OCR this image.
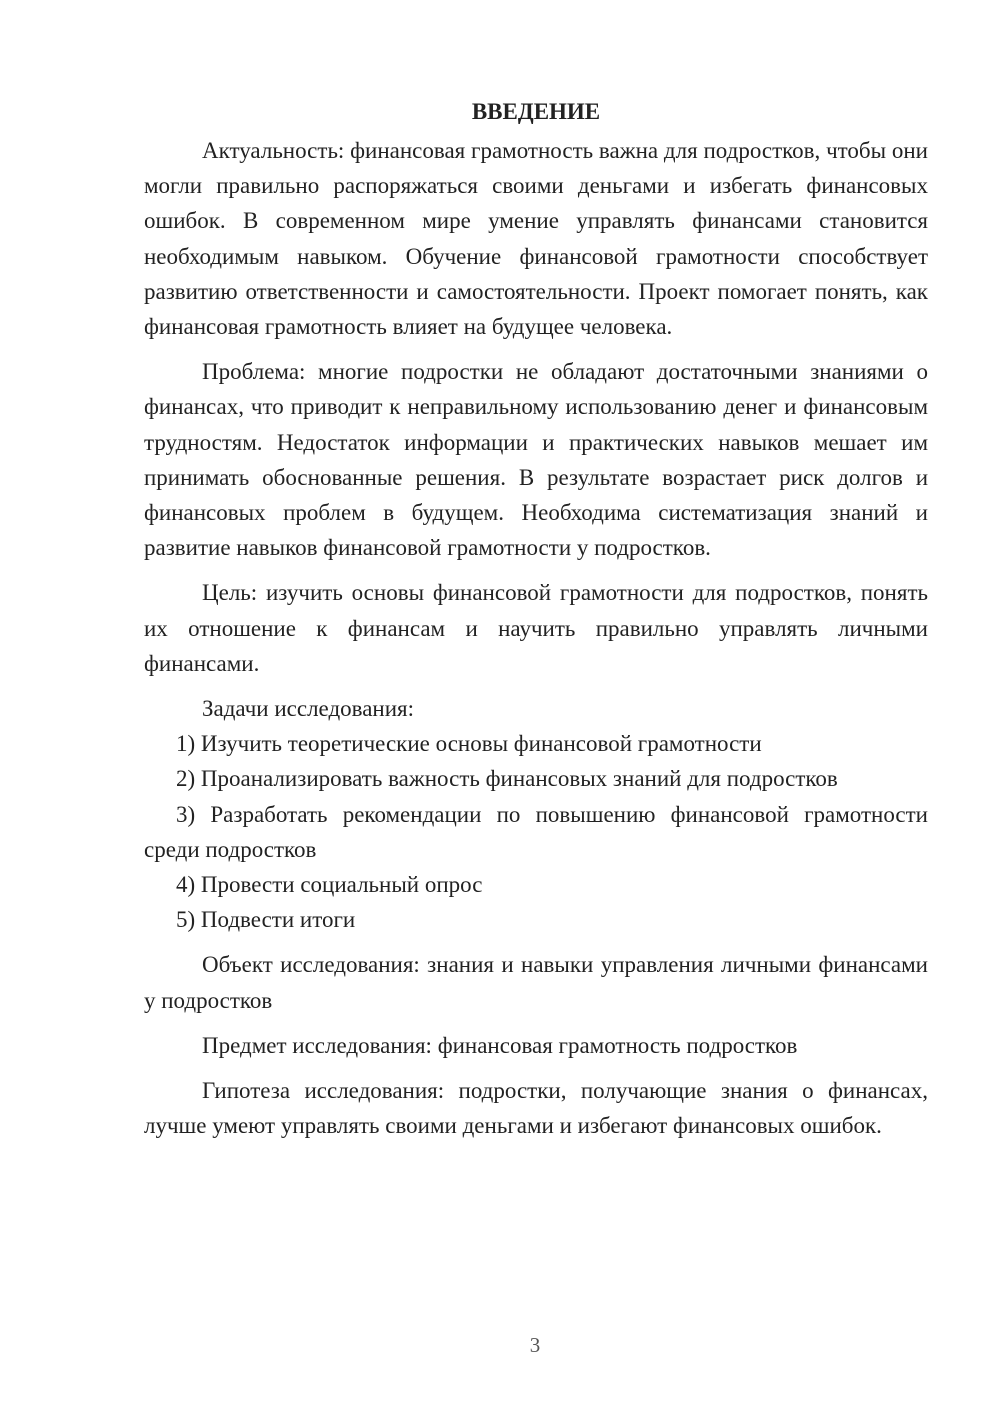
ВВЕДЕНИЕ

Актуальность: финансовая грамотность важна для подростков, чтобы они могли правильно распоряжаться своими деньгами и избегать финансовых ошибок. В современном мире умение управлять финансами становится необходимым навыком. Обучение финансовой грамотности способствует развитию ответственности и самостоятельности. Проект помогает понять, как финансовая грамотность влияет на будущее человека.

Проблема: многие подростки не обладают достаточными знаниями о финансах, что приводит к неправильному использованию денег и финансовым трудностям. Недостаток информации и практических навыков мешает им принимать обоснованные решения. В результате возрастает риск долгов и финансовых проблем в будущем. Необходима систематизация знаний и развитие навыков финансовой грамотности у подростков.

Цель: изучить основы финансовой грамотности для подростков, понять их отношение к финансам и научить правильно управлять личными финансами.

Задачи исследования:

1) Изучить теоретические основы финансовой грамотности

2) Проанализировать важность финансовых знаний для подростков

3) Разработать рекомендации по повышению финансовой грамотности среди подростков

4) Провести социальный опрос

5) Подвести итоги

Объект исследования: знания и навыки управления личными финансами у подростков

Предмет исследования: финансовая грамотность подростков

Гипотеза исследования: подростки, получающие знания о финансах, лучше умеют управлять своими деньгами и избегают финансовых ошибок.

3
